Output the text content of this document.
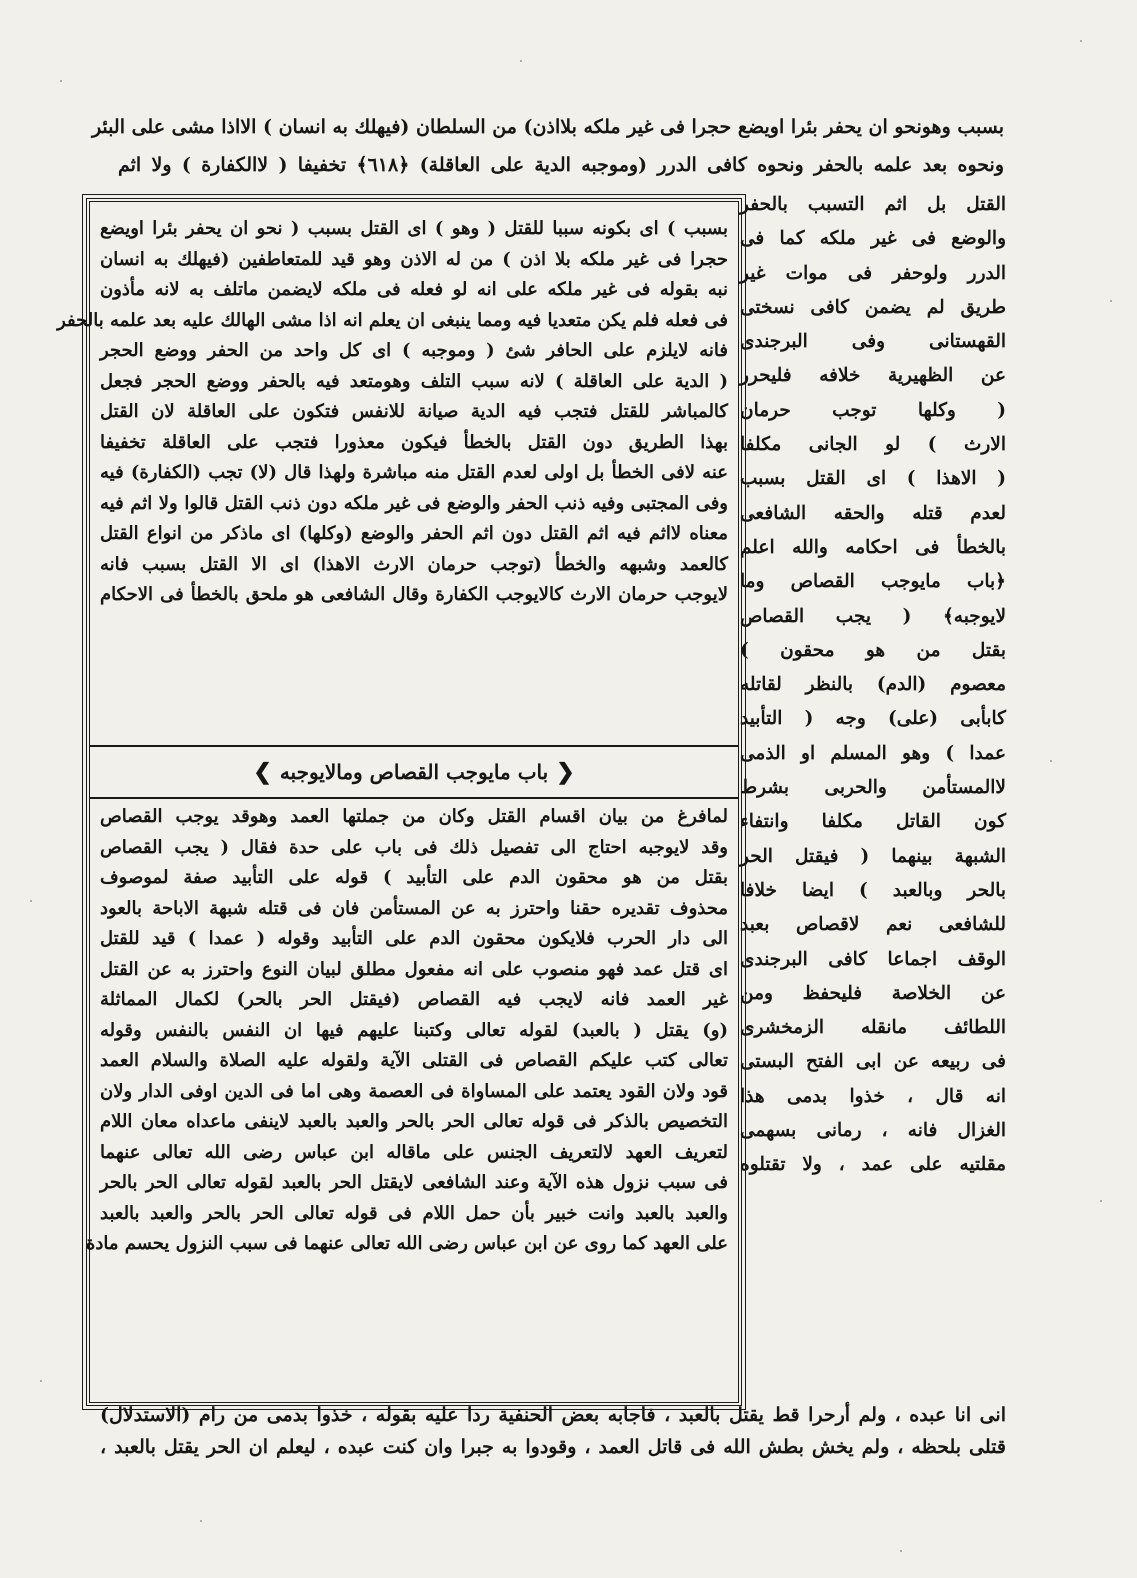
بسبب وهونحو ان يحفر بئرا اويضع حجرا فى غير ملكه بلااذن) من السلطان (فيهلك به انسان ) الااذا مشى على البئر
ونحوه بعد علمه بالحفر ونحوه كافى الدرر (وموجبه الدية على العاقلة) ﴿٦١٨﴾ تخفيفا ( لاالكفارة ) ولا اثم
القتل بل اثم التسبب بالحفر
والوضع فى غير ملكه كما فى
الدرر ولوحفر فى موات غير
طريق لم يضمن كافى نسختى
القهستانى وفى البرجندى
عن الظهيرية خلافه فليحرر
( وكلها توجب حرمان
الارث ) لو الجانى مكلفا
( الاهذا ) اى القتل بسبب
لعدم قتله والحقه الشافعى
بالخطأ فى احكامه والله اعلم
﴿باب مايوجب القصاص وما
لايوجبه﴾ ( يجب القصاص
بقتل من هو محقون )
معصوم (الدم) بالنظر لقاتله
كابأبى (على) وجه ( التأبيد
عمدا ) وهو المسلم او الذمى
لاالمستأمن والحربى بشرط
كون القاتل مكلفا وانتفاء
الشبهة بينهما ( فيقتل الحر
بالحر وبالعبد ) ايضا خلافا
للشافعى نعم لاقصاص بعبد
الوقف اجماعا كافى البرجندى
عن الخلاصة فليحفظ ومن
اللطائف مانقله الزمخشرى
فى ربيعه عن ابى الفتح البستى
انه قال ، خذوا بدمى هذا
الغزال فانه ، رمانى بسهمى
مقلتيه على عمد ، ولا تقتلوه
بسبب ) اى بكونه سببا للقتل ( وهو ) اى القتل بسبب ( نحو ان يحفر بئرا اويضع
حجرا فى غير ملكه بلا اذن ) من له الاذن وهو قيد للمتعاطفين (فيهلك به انسان
نبه بقوله فى غير ملكه على انه لو فعله فى ملكه لايضمن ماتلف به لانه مأذون
فى فعله فلم يكن متعديا فيه ومما ينبغى ان يعلم انه اذا مشى الهالك عليه بعد علمه بالحفر
فانه لايلزم على الحافر شئ ( وموجبه ) اى كل واحد من الحفر ووضع الحجر
( الدية على العاقلة ) لانه سبب التلف وهومتعد فيه بالحفر ووضع الحجر فجعل
كالمباشر للقتل فتجب فيه الدية صيانة للانفس فتكون على العاقلة لان القتل
بهذا الطريق دون القتل بالخطأ فيكون معذورا فتجب على العاقلة تخفيفا
عنه لافى الخطأ بل اولى لعدم القتل منه مباشرة ولهذا قال (لا) تجب (الكفارة) فيه
وفى المجتبى وفيه ذنب الحفر والوضع فى غير ملكه دون ذنب القتل قالوا ولا اثم فيه
معناه لااثم فيه اثم القتل دون اثم الحفر والوضع (وكلها) اى ماذكر من انواع القتل
كالعمد وشبهه والخطأ (توجب حرمان الارث الاهذا) اى الا القتل بسبب فانه
لايوجب حرمان الارث كالايوجب الكفارة وقال الشافعى هو ملحق بالخطأ فى الاحكام
❮
باب مايوجب القصاص ومالايوجبه
❯
لمافرغ من بيان اقسام القتل وكان من جملتها العمد وهوقد يوجب القصاص
وقد لايوجبه احتاج الى تفصيل ذلك فى باب على حدة فقال ( يجب القصاص
بقتل من هو محقون الدم على التأبيد ) قوله على التأبيد صفة لموصوف
محذوف تقديره حقنا واحترز به عن المستأمن فان فى قتله شبهة الاباحة بالعود
الى دار الحرب فلايكون محقون الدم على التأبيد وقوله ( عمدا ) قيد للقتل
اى قتل عمد فهو منصوب على انه مفعول مطلق لبيان النوع واحترز به عن القتل
غير العمد فانه لايجب فيه القصاص (فيقتل الحر بالحر) لكمال المماثلة
(و) يقتل ( بالعبد) لقوله تعالى وكتبنا عليهم فيها ان النفس بالنفس وقوله
تعالى كتب عليكم القصاص فى القتلى الآية ولقوله عليه الصلاة والسلام العمد
قود ولان القود يعتمد على المساواة فى العصمة وهى اما فى الدين اوفى الدار ولان
التخصيص بالذكر فى قوله تعالى الحر بالحر والعبد بالعبد لاينفى ماعداه معان اللام
لتعريف العهد لالتعريف الجنس على ماقاله ابن عباس رضى الله تعالى عنهما
فى سبب نزول هذه الآية وعند الشافعى لايقتل الحر بالعبد لقوله تعالى الحر بالحر
والعبد بالعبد وانت خبير بأن حمل اللام فى قوله تعالى الحر بالحر والعبد بالعبد
على العهد كما روى عن ابن عباس رضى الله تعالى عنهما فى سبب النزول يحسم مادة
انى انا عبده ، ولم أرحرا قط يقتل بالعبد ، فاجابه بعض الحنفية ردا عليه بقوله ، خذوا بدمى من رام (الاستدلال)
قتلى بلحظه ، ولم يخش بطش الله فى قاتل العمد ، وقودوا به جبرا وان كنت عبده ، ليعلم ان الحر يقتل بالعبد ،
